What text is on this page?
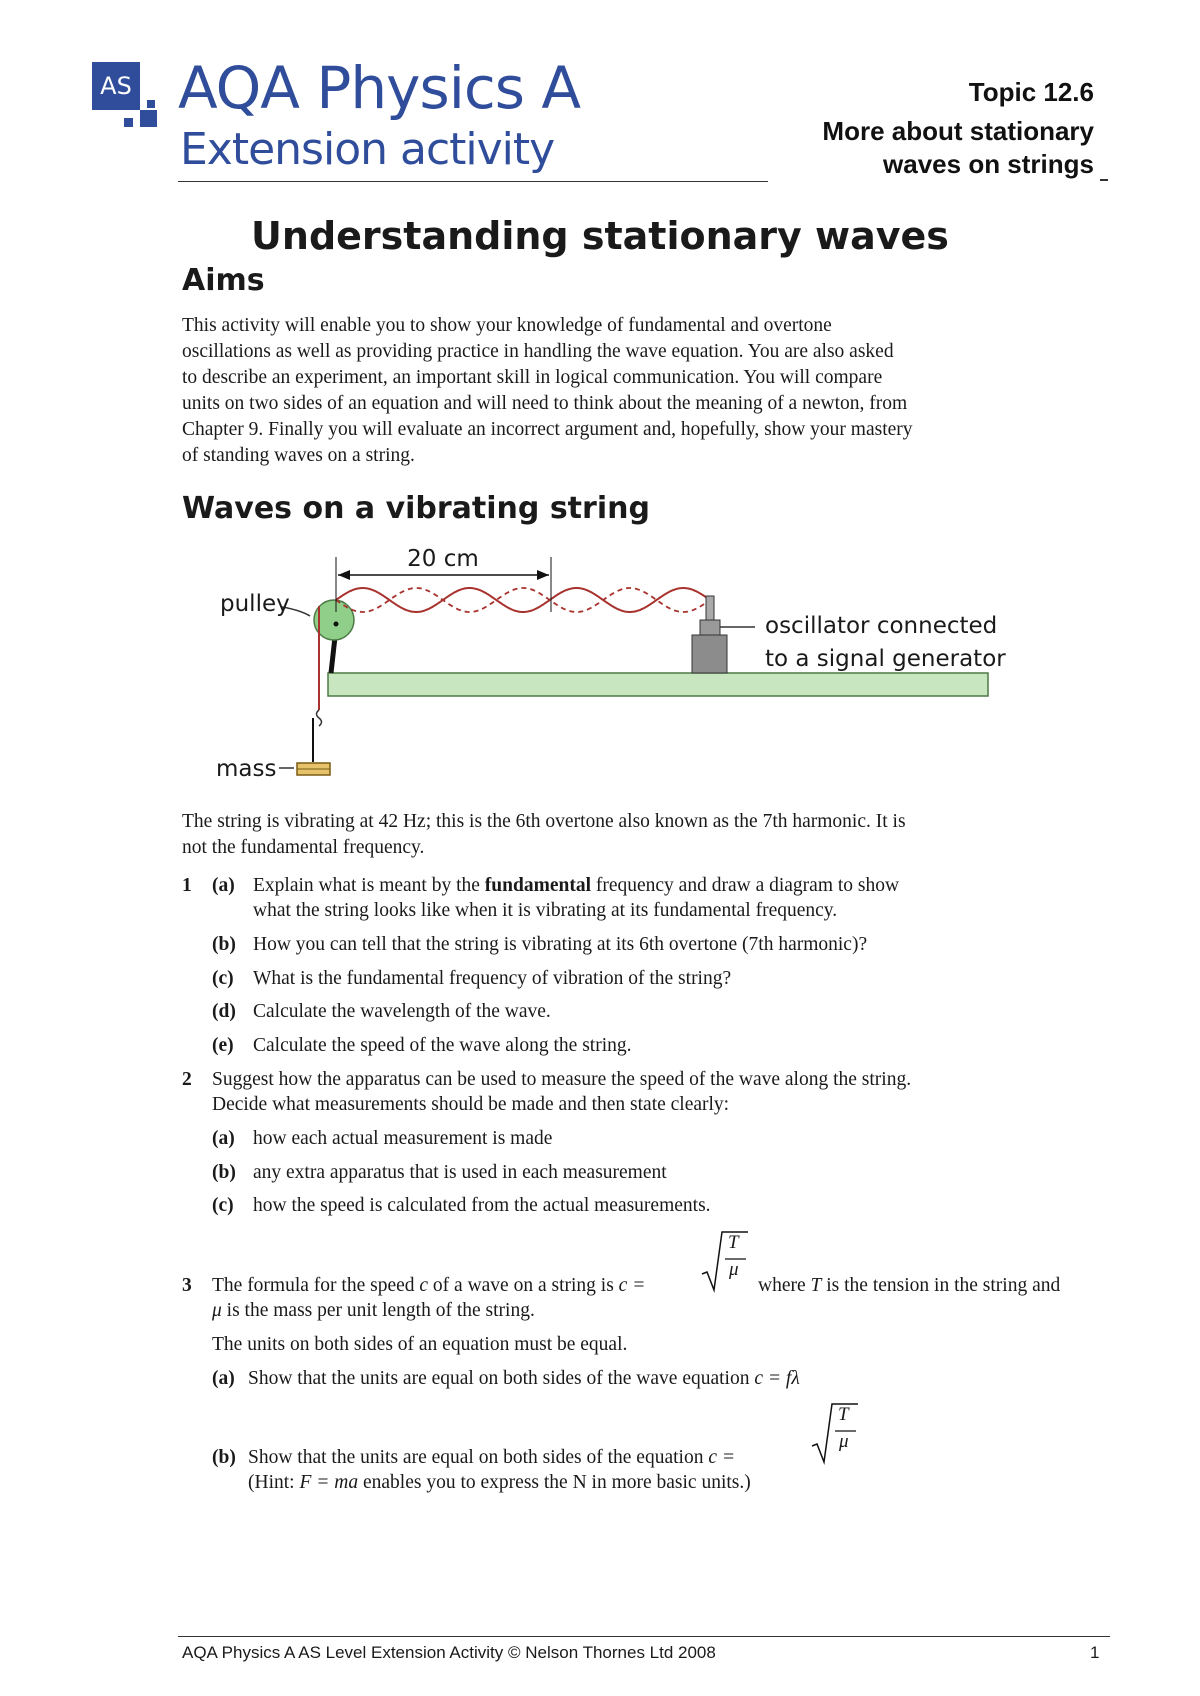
AS AQA Physics A
Extension activity
Topic 12.6
More about stationary
waves on strings
Understanding stationary waves
Aims
This activity will enable you to show your knowledge of fundamental and overtone
oscillations as well as providing practice in handling the wave equation. You are also asked
to describe an experiment, an important skill in logical communication. You will compare
units on two sides of an equation and will need to think about the meaning of a newton, from
Chapter 9. Finally you will evaluate an incorrect argument and, hopefully, show your mastery
of standing waves on a string.
Waves on a vibrating string
mass
pulley
20 cm
oscillator connected
to a signal generator
The string is vibrating at 42 Hz; this is the 6th overtone also known as the 7th harmonic. It is
not the fundamental frequency.
1 (a) Explain what is meant by the fundamental frequency and draw a diagram to show
what the string looks like when it is vibrating at its fundamental frequency.
(b) How you can tell that the string is vibrating at its 6th overtone (7th harmonic)?
(c) What is the fundamental frequency of vibration of the string?
(d) Calculate the wavelength of the wave.
(e) Calculate the speed of the wave along the string.
2 Suggest how the apparatus can be used to measure the speed of the wave along the string.
Decide what measurements should be made and then state clearly:
(a) how each actual measurement is made
(b) any extra apparatus that is used in each measurement
(c) how the speed is calculated from the actual measurements.
3 The formula for the speed c of a wave on a string is c =
T
μ
where T is the tension in the string and
μ is the mass per unit length of the string.
The units on both sides of an equation must be equal.
(a) Show that the units are equal on both sides of the wave equation c = fλ
(b) Show that the units are equal on both sides of the equation c =
T
μ
(Hint: F = ma enables you to express the N in more basic units.)
AQA Physics A AS Level Extension Activity © Nelson Thornes Ltd 2008	1
